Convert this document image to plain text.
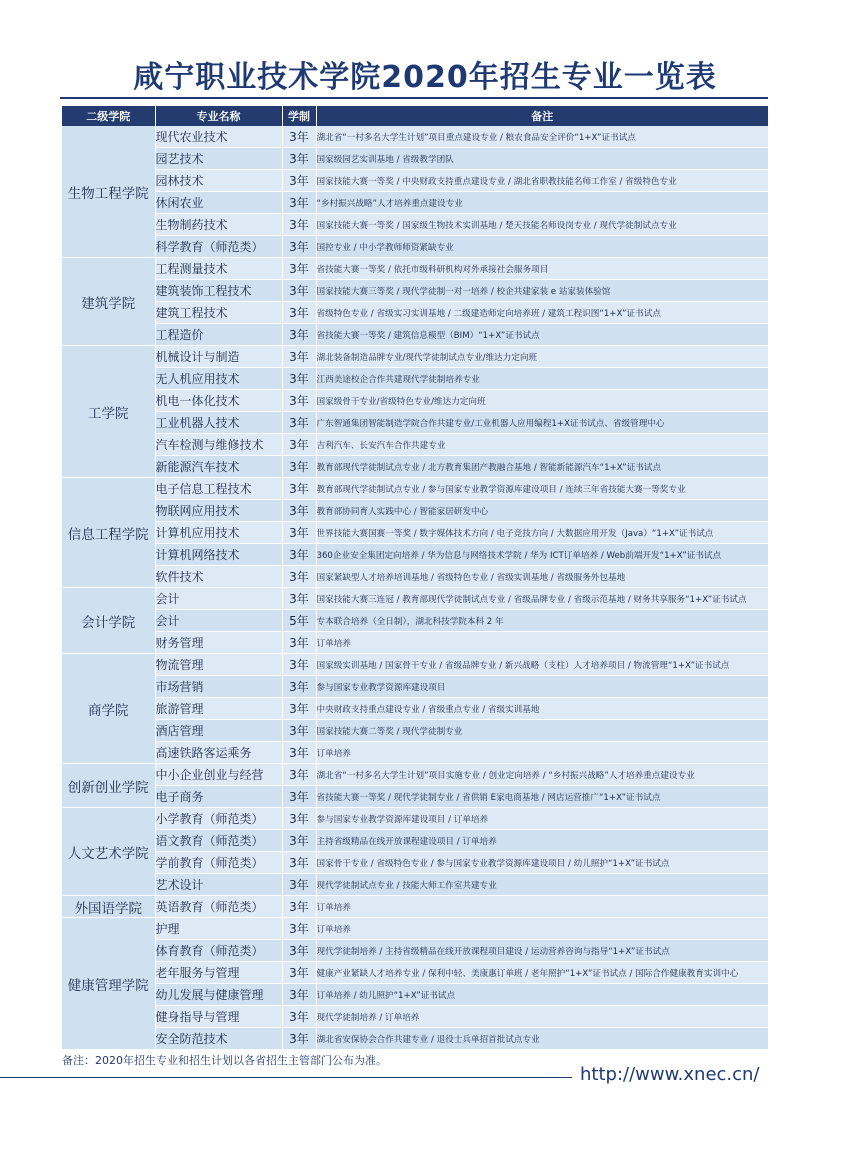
咸宁职业技术学院2020年招生专业一览表
二级学院	专业名称	学制	备注
生物工程学院	现代农业技术	3年	湖北省“一村多名大学生计划”项目重点建设专业 / 粮农食品安全评价“1+X”证书试点
	园艺技术	3年	国家级园艺实训基地 / 省级教学团队
	园林技术	3年	国家技能大赛一等奖 / 中央财政支持重点建设专业 / 湖北省职教技能名师工作室 / 省级特色专业
	休闲农业	3年	“乡村振兴战略”人才培养重点建设专业
	生物制药技术	3年	国家技能大赛一等奖 / 国家级生物技术实训基地 / 楚天技能名师设岗专业 / 现代学徒制试点专业
	科学教育（师范类）	3年	国控专业 / 中小学教师师资紧缺专业
建筑学院	工程测量技术	3年	省技能大赛一等奖 / 依托市级科研机构对外承接社会服务项目
	建筑装饰工程技术	3年	国家技能大赛三等奖 / 现代学徒制一对一培养 / 校企共建家装 e 站家装体验馆
	建筑工程技术	3年	省级特色专业 / 省级实习实训基地 / 二级建造师定向培养班 / 建筑工程识图“1+X”证书试点
	工程造价	3年	省技能大赛一等奖 / 建筑信息模型（BIM）“1+X”证书试点
工学院	机械设计与制造	3年	湖北装备制造品牌专业/现代学徒制试点专业/维达力定向班
	无人机应用技术	3年	江西美途校企合作共建现代学徒制培养专业
	机电一体化技术	3年	国家级骨干专业/省级特色专业/维达力定向班
	工业机器人技术	3年	广东智通集团智能制造学院合作共建专业/工业机器人应用编程1+X证书试点、省级管理中心
	汽车检测与维修技术	3年	吉利汽车、长安汽车合作共建专业
	新能源汽车技术	3年	教育部现代学徒制试点专业 / 北方教育集团产教融合基地 / 智能新能源汽车“1+X”证书试点
信息工程学院	电子信息工程技术	3年	教育部现代学徒制试点专业 / 参与国家专业教学资源库建设项目 / 连续三年省技能大赛一等奖专业
	物联网应用技术	3年	教育部协同育人实践中心 / 智能家居研发中心
	计算机应用技术	3年	世界技能大赛国赛一等奖 / 数字媒体技术方向 / 电子竞技方向 / 大数据应用开发（Java）“1+X”证书试点
	计算机网络技术	3年	360企业安全集团定向培养 / 华为信息与网络技术学院 / 华为 ICT订单培养 / Web前端开发“1+X”证书试点
	软件技术	3年	国家紧缺型人才培养培训基地 / 省级特色专业 / 省级实训基地 / 省级服务外包基地
会计学院	会计	3年	国家技能大赛三连冠 / 教育部现代学徒制试点专业 / 省级品牌专业 / 省级示范基地 / 财务共享服务“1+X”证书试点
	会计	5年	专本联合培养（全日制），湖北科技学院本科 2 年
	财务管理	3年	订单培养
商学院	物流管理	3年	国家级实训基地 / 国家骨干专业 / 省级品牌专业 / 新兴战略（支柱）人才培养项目 / 物流管理“1+X”证书试点
	市场营销	3年	参与国家专业教学资源库建设项目
	旅游管理	3年	中央财政支持重点建设专业 / 省级重点专业 / 省级实训基地
	酒店管理	3年	国家技能大赛二等奖 / 现代学徒制专业
	高速铁路客运乘务	3年	订单培养
创新创业学院	中小企业创业与经营	3年	湖北省“一村多名大学生计划”项目实施专业 / 创业定向培养 / “乡村振兴战略”人才培养重点建设专业
	电子商务	3年	省技能大赛一等奖 / 现代学徒制专业 / 省供销 E家电商基地 / 网店运营推广“1+X”证书试点
人文艺术学院	小学教育（师范类）	3年	参与国家专业教学资源库建设项目 / 订单培养
	语文教育（师范类）	3年	主持省级精品在线开放课程建设项目 / 订单培养
	学前教育（师范类）	3年	国家骨干专业 / 省级特色专业 / 参与国家专业教学资源库建设项目 / 幼儿照护“1+X”证书试点
	艺术设计	3年	现代学徒制试点专业 / 技能大师工作室共建专业
外国语学院	英语教育（师范类）	3年	订单培养
健康管理学院	护理	3年	订单培养
	体育教育（师范类）	3年	现代学徒制培养 / 主持省级精品在线开放课程项目建设 / 运动营养咨询与指导“1+X”证书试点
	老年服务与管理	3年	健康产业紧缺人才培养专业 / 保利中轻、美康惠订单班 / 老年照护“1+X”证书试点 / 国际合作健康教育实训中心
	幼儿发展与健康管理	3年	订单培养 / 幼儿照护“1+X”证书试点
	健身指导与管理	3年	现代学徒制培养 / 订单培养
	安全防范技术	3年	湖北省安保协会合作共建专业 / 退役士兵单招首批试点专业
备注：2020年招生专业和招生计划以各省招生主管部门公布为准。
http://www.xnec.cn/
